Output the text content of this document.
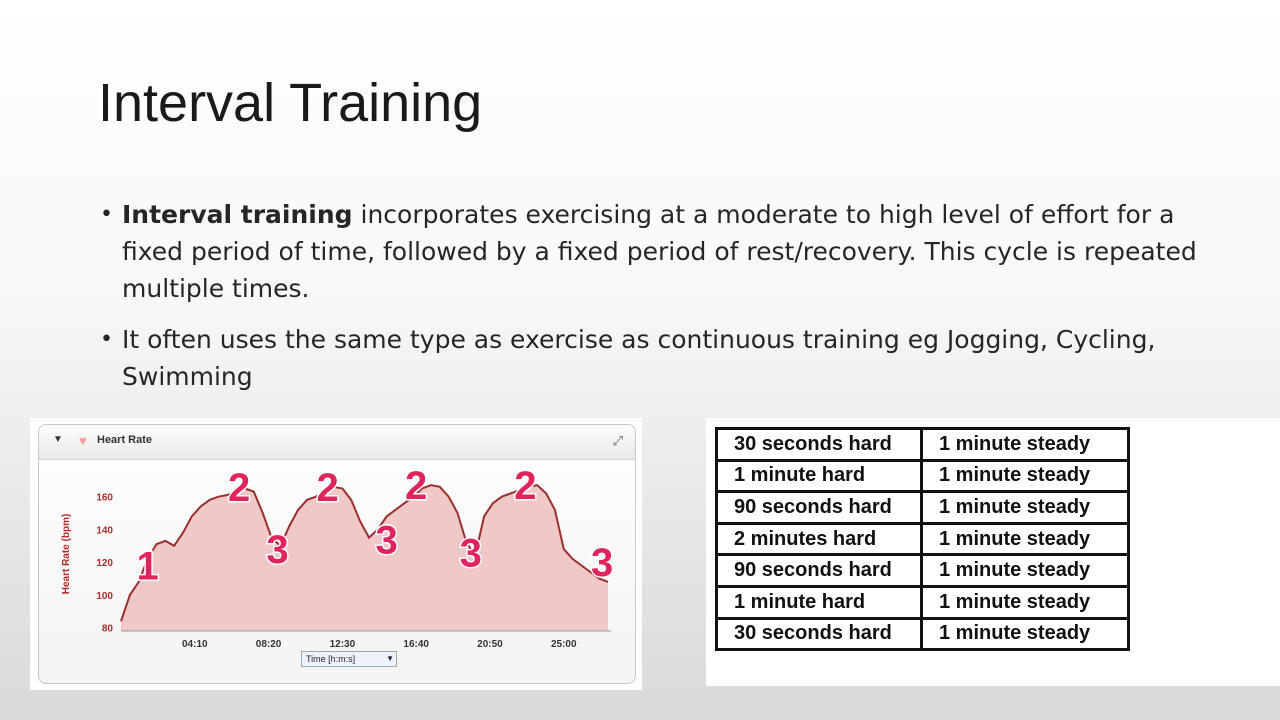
Interval Training
• Interval training incorporates exercising at a moderate to high level of effort for a fixed period of time, followed by a fixed period of rest/recovery. This cycle is repeated multiple times.
• It often uses the same type as exercise as continuous training eg Jogging, Cycling, Swimming
▼ ♥ Heart Rate	⤢
80
100
120
140
160
04:10	08:20	12:30	16:40	20:50	25:00
Heart Rate (bpm) 1
2
3
2
3
2
3
2
3
Time [h:m:s]	▼
30 seconds hard	1 minute steady
1 minute hard	1 minute steady
90 seconds hard	1 minute steady
2 minutes hard	1 minute steady
90 seconds hard	1 minute steady
1 minute hard	1 minute steady
30 seconds hard	1 minute steady
